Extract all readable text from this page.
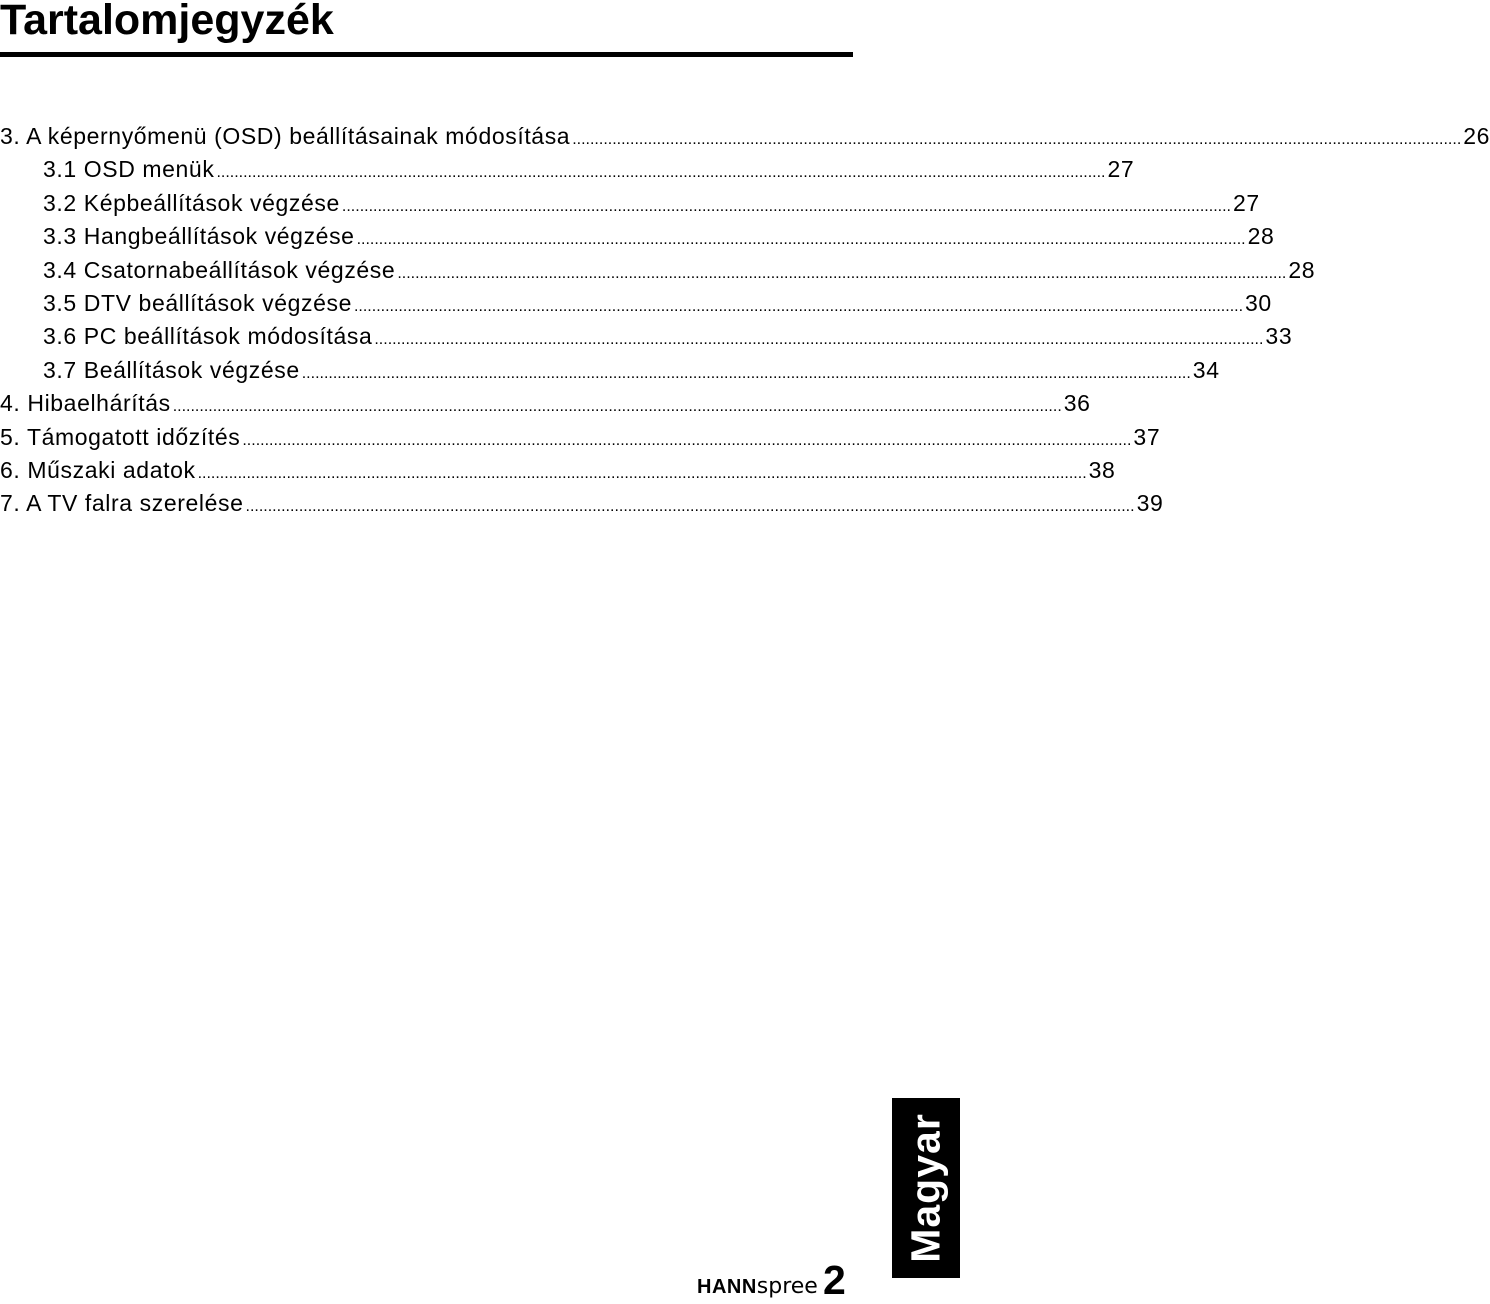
Tartalomjegyzék
3. A képernyőmenü (OSD) beállításainak módosítása ........................................................................................................................................................................................................ 26
3.1 OSD menük ........................................................................................................................................................................................................ 27
3.2 Képbeállítások végzése ........................................................................................................................................................................................................ 27
3.3 Hangbeállítások végzése ........................................................................................................................................................................................................ 28
3.4 Csatornabeállítások végzése ........................................................................................................................................................................................................ 28
3.5 DTV beállítások végzése ........................................................................................................................................................................................................ 30
3.6 PC beállítások módosítása ........................................................................................................................................................................................................ 33
3.7 Beállítások végzése ........................................................................................................................................................................................................ 34
4. Hibaelhárítás ........................................................................................................................................................................................................ 36
5. Támogatott időzítés ........................................................................................................................................................................................................ 37
6. Műszaki adatok ........................................................................................................................................................................................................ 38
7. A TV falra szerelése ........................................................................................................................................................................................................ 39
Magyar
HANNspree 2
